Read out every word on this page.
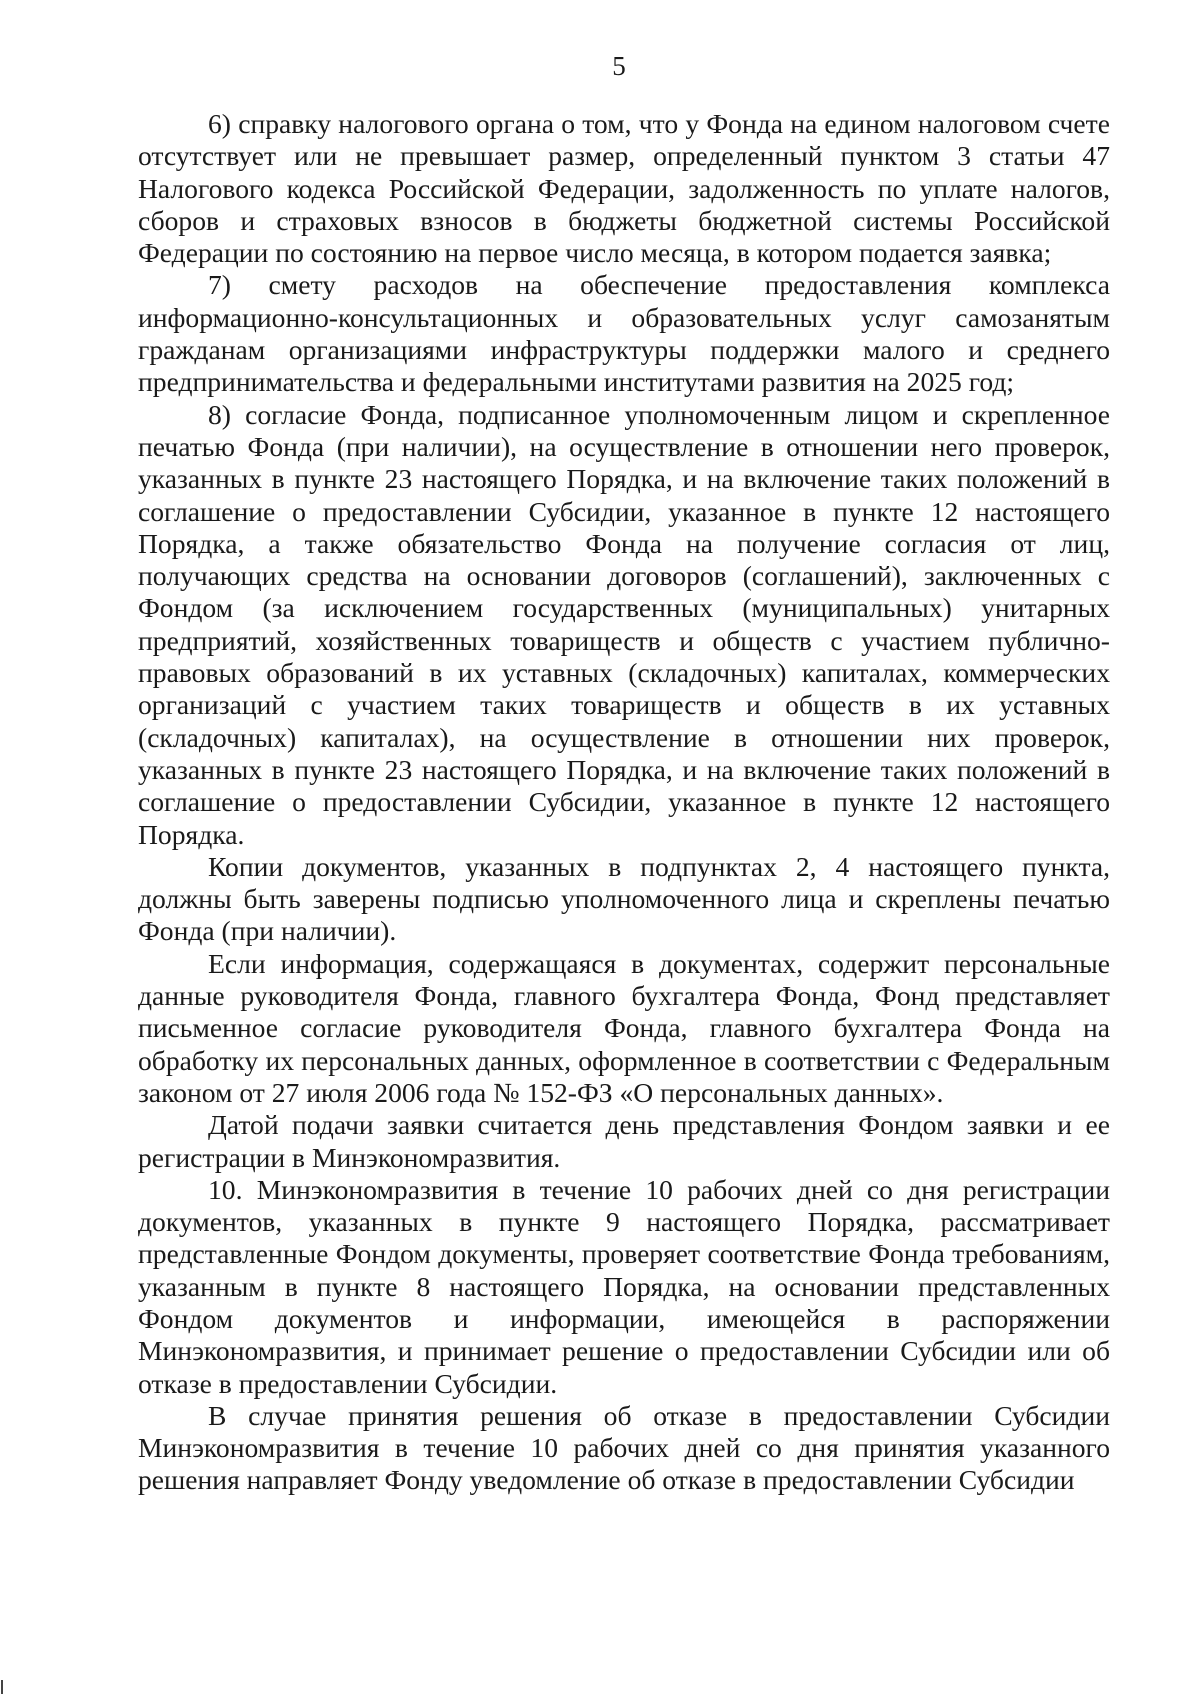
5

6) справку налогового органа о том, что у Фонда на едином налоговом счете отсутствует или не превышает размер, определенный пунктом 3 статьи 47 Налогового кодекса Российской Федерации, задолженность по уплате налогов, сборов и страховых взносов в бюджеты бюджетной системы Российской Федерации по состоянию на первое число месяца, в котором подается заявка;

7) смету расходов на обеспечение предоставления комплекса информационно-консультационных и образовательных услуг самозанятым гражданам организациями инфраструктуры поддержки малого и среднего предпринимательства и федеральными институтами развития на 2025 год;

8) согласие Фонда, подписанное уполномоченным лицом и скрепленное печатью Фонда (при наличии), на осуществление в отношении него проверок, указанных в пункте 23 настоящего Порядка, и на включение таких положений в соглашение о предоставлении Субсидии, указанное в пункте 12 настоящего Порядка, а также обязательство Фонда на получение согласия от лиц, получающих средства на основании договоров (соглашений), заключенных с Фондом (за исключением государственных (муниципальных) унитарных предприятий, хозяйственных товариществ и обществ с участием публично-правовых образований в их уставных (складочных) капиталах, коммерческих организаций с участием таких товариществ и обществ в их уставных (складочных) капиталах), на осуществление в отношении них проверок, указанных в пункте 23 настоящего Порядка, и на включение таких положений в соглашение о предоставлении Субсидии, указанное в пункте 12 настоящего Порядка.

Копии документов, указанных в подпунктах 2, 4 настоящего пункта, должны быть заверены подписью уполномоченного лица и скреплены печатью Фонда (при наличии).

Если информация, содержащаяся в документах, содержит персональные данные руководителя Фонда, главного бухгалтера Фонда, Фонд представляет письменное согласие руководителя Фонда, главного бухгалтера Фонда на обработку их персональных данных, оформленное в соответствии с Федеральным законом от 27 июля 2006 года № 152-ФЗ «О персональных данных».

Датой подачи заявки считается день представления Фондом заявки и ее регистрации в Минэкономразвития.

10. Минэкономразвития в течение 10 рабочих дней со дня регистрации документов, указанных в пункте 9 настоящего Порядка, рассматривает представленные Фондом документы, проверяет соответствие Фонда требованиям, указанным в пункте 8 настоящего Порядка, на основании представленных Фондом документов и информации, имеющейся в распоряжении Минэкономразвития, и принимает решение о предоставлении Субсидии или об отказе в предоставлении Субсидии.

В случае принятия решения об отказе в предоставлении Субсидии Минэкономразвития в течение 10 рабочих дней со дня принятия указанного решения направляет Фонду уведомление об отказе в предоставлении Субсидии
